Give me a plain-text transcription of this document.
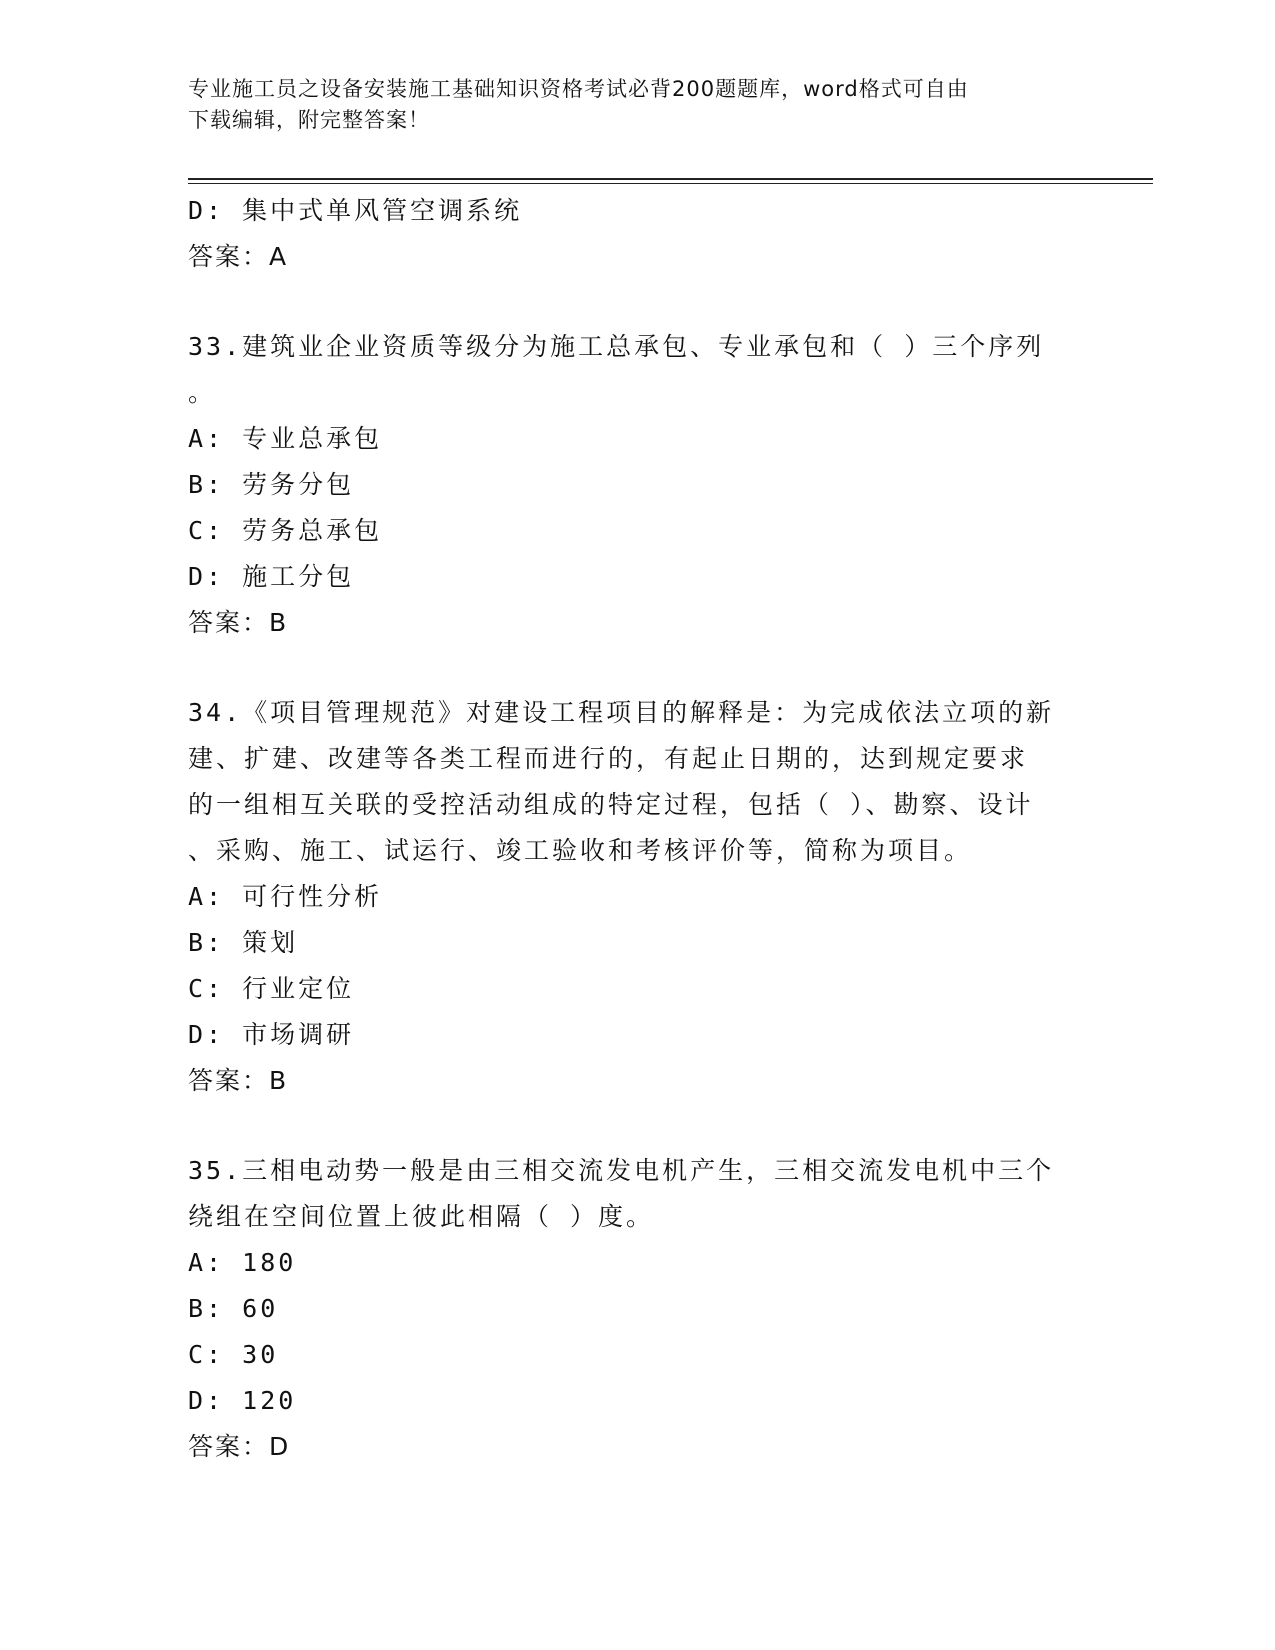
专业施工员之设备安装施工基础知识资格考试必背200题题库，word格式可自由
下载编辑，附完整答案！
D: 集中式单风管空调系统
答案：A
33.建筑业企业资质等级分为施工总承包、专业承包和（ ）三个序列
。
A: 专业总承包
B: 劳务分包
C: 劳务总承包
D: 施工分包
答案：B
34.《项目管理规范》对建设工程项目的解释是：为完成依法立项的新
建、扩建、改建等各类工程而进行的，有起止日期的，达到规定要求
的一组相互关联的受控活动组成的特定过程，包括（ ）、勘察、设计
、采购、施工、试运行、竣工验收和考核评价等，简称为项目。
A: 可行性分析
B: 策划
C: 行业定位
D: 市场调研
答案：B
35.三相电动势一般是由三相交流发电机产生，三相交流发电机中三个
绕组在空间位置上彼此相隔（ ）度。
A: 180
B: 60
C: 30
D: 120
答案：D
